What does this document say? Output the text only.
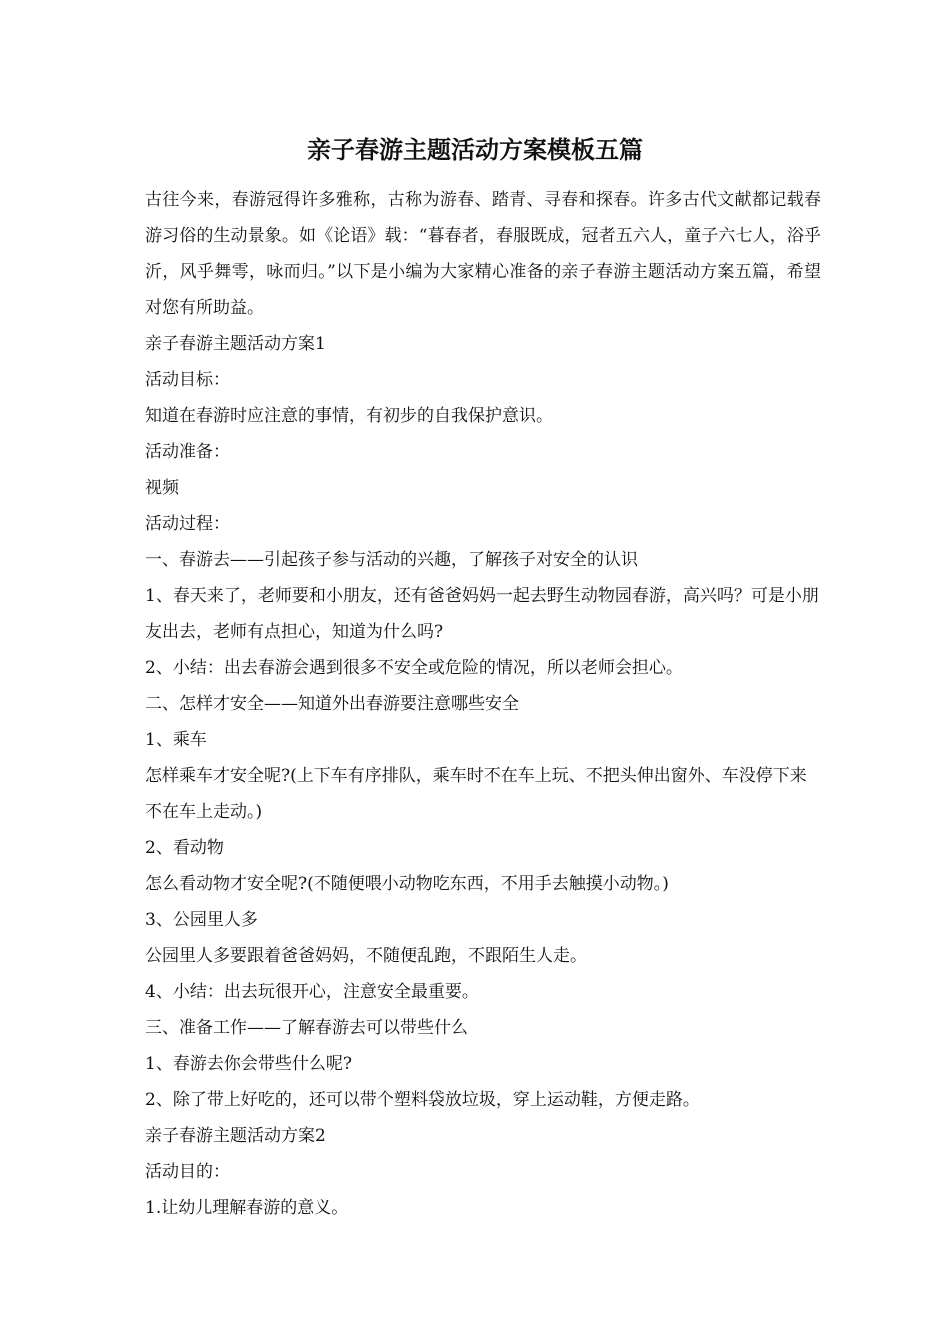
亲子春游主题活动方案模板五篇

古往今来，春游冠得许多雅称，古称为游春、踏青、寻春和探春。许多古代文献都记载春游习俗的生动景象。如《论语》载：“暮春者，春服既成，冠者五六人，童子六七人，浴乎沂，风乎舞雩，咏而归。”以下是小编为大家精心准备的亲子春游主题活动方案五篇，希望对您有所助益。

亲子春游主题活动方案1

活动目标：

知道在春游时应注意的事情，有初步的自我保护意识。

活动准备：

视频

活动过程：

一、春游去——引起孩子参与活动的兴趣，了解孩子对安全的认识

1、春天来了，老师要和小朋友，还有爸爸妈妈一起去野生动物园春游，高兴吗？可是小朋友出去，老师有点担心，知道为什么吗?

2、小结：出去春游会遇到很多不安全或危险的情况，所以老师会担心。

二、怎样才安全——知道外出春游要注意哪些安全

1、乘车

怎样乘车才安全呢?(上下车有序排队，乘车时不在车上玩、不把头伸出窗外、车没停下来不在车上走动。)

2、看动物

怎么看动物才安全呢?(不随便喂小动物吃东西，不用手去触摸小动物。)

3、公园里人多

公园里人多要跟着爸爸妈妈，不随便乱跑，不跟陌生人走。

4、小结：出去玩很开心，注意安全最重要。

三、准备工作——了解春游去可以带些什么

1、春游去你会带些什么呢?

2、除了带上好吃的，还可以带个塑料袋放垃圾，穿上运动鞋，方便走路。

亲子春游主题活动方案2

活动目的：

1.让幼儿理解春游的意义。
